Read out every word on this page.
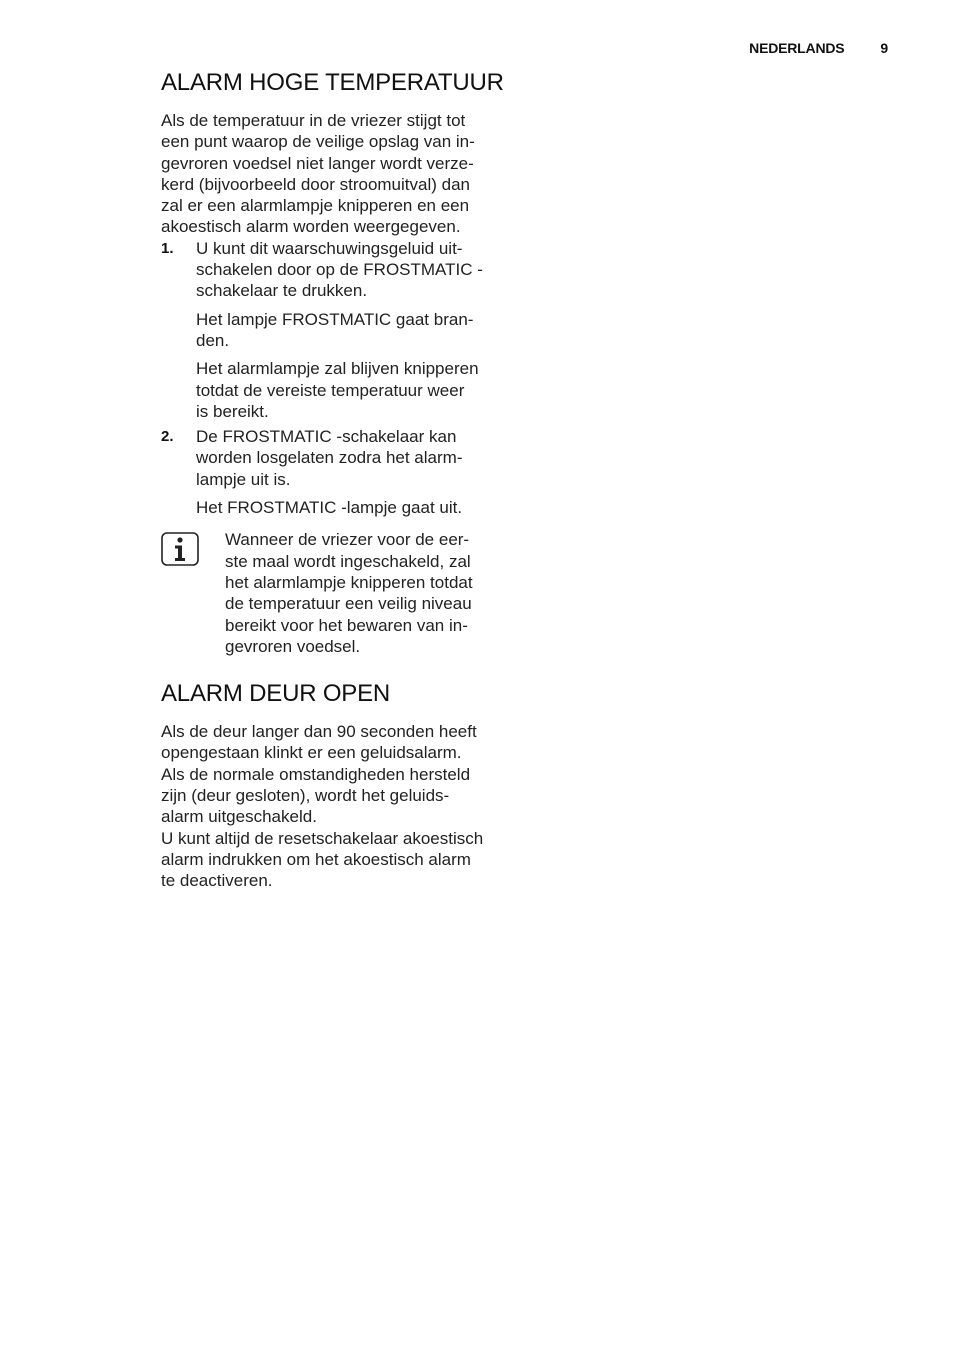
NEDERLANDS	9
ALARM HOGE TEMPERATUUR

Als de temperatuur in de vriezer stijgt tot
een punt waarop de veilige opslag van in-
gevroren voedsel niet langer wordt verze-
kerd (bijvoorbeeld door stroomuitval) dan
zal er een alarmlampje knipperen en een
akoestisch alarm worden weergegeven.

1. U kunt dit waarschuwingsgeluid uit-
schakelen door op de FROSTMATIC -
schakelaar te drukken.
Het lampje FROSTMATIC gaat bran-
den.
Het alarmlampje zal blijven knipperen
totdat de vereiste temperatuur weer
is bereikt.
2. De FROSTMATIC -schakelaar kan
worden losgelaten zodra het alarm-
lampje uit is.
Het FROSTMATIC -lampje gaat uit.
Wanneer de vriezer voor de eer-
ste maal wordt ingeschakeld, zal
het alarmlampje knipperen totdat
de temperatuur een veilig niveau
bereikt voor het bewaren van in-
gevroren voedsel.
ALARM DEUR OPEN

Als de deur langer dan 90 seconden heeft
opengestaan klinkt er een geluidsalarm.
Als de normale omstandigheden hersteld
zijn (deur gesloten), wordt het geluids-
alarm uitgeschakeld.
U kunt altijd de resetschakelaar akoestisch
alarm indrukken om het akoestisch alarm
te deactiveren.
